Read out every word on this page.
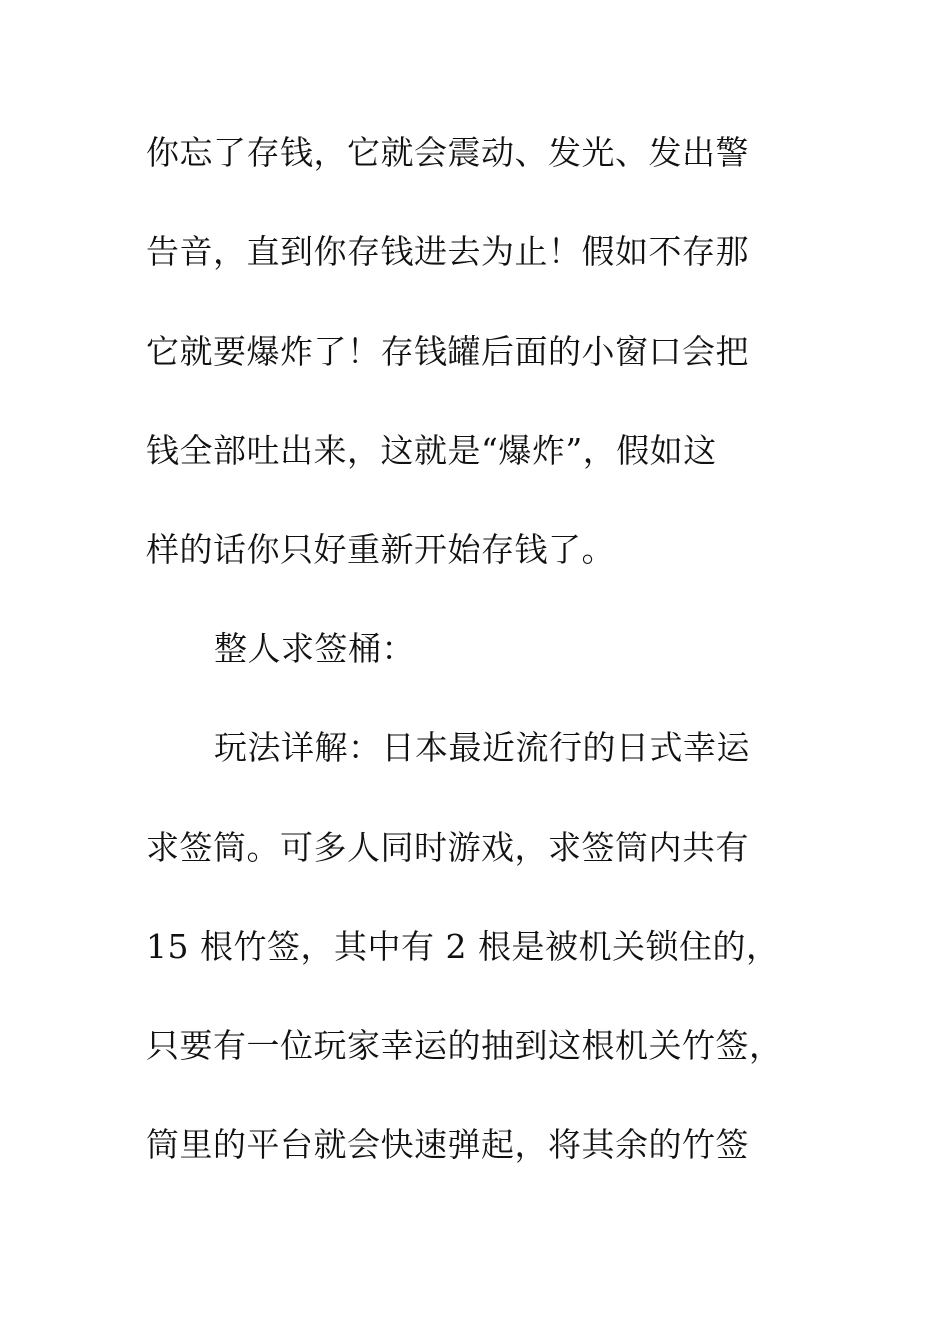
你忘了存钱，它就会震动、发光、发出警
告音，直到你存钱进去为止！假如不存那
它就要爆炸了！存钱罐后面的小窗口会把
钱全部吐出来，这就是“爆炸”，假如这
样的话你只好重新开始存钱了。
整人求签桶：
玩法详解：日本最近流行的日式幸运
求签筒。可多人同时游戏，求签筒内共有
15 根竹签，其中有 2 根是被机关锁住的，
只要有一位玩家幸运的抽到这根机关竹签，
筒里的平台就会快速弹起，将其余的竹签
